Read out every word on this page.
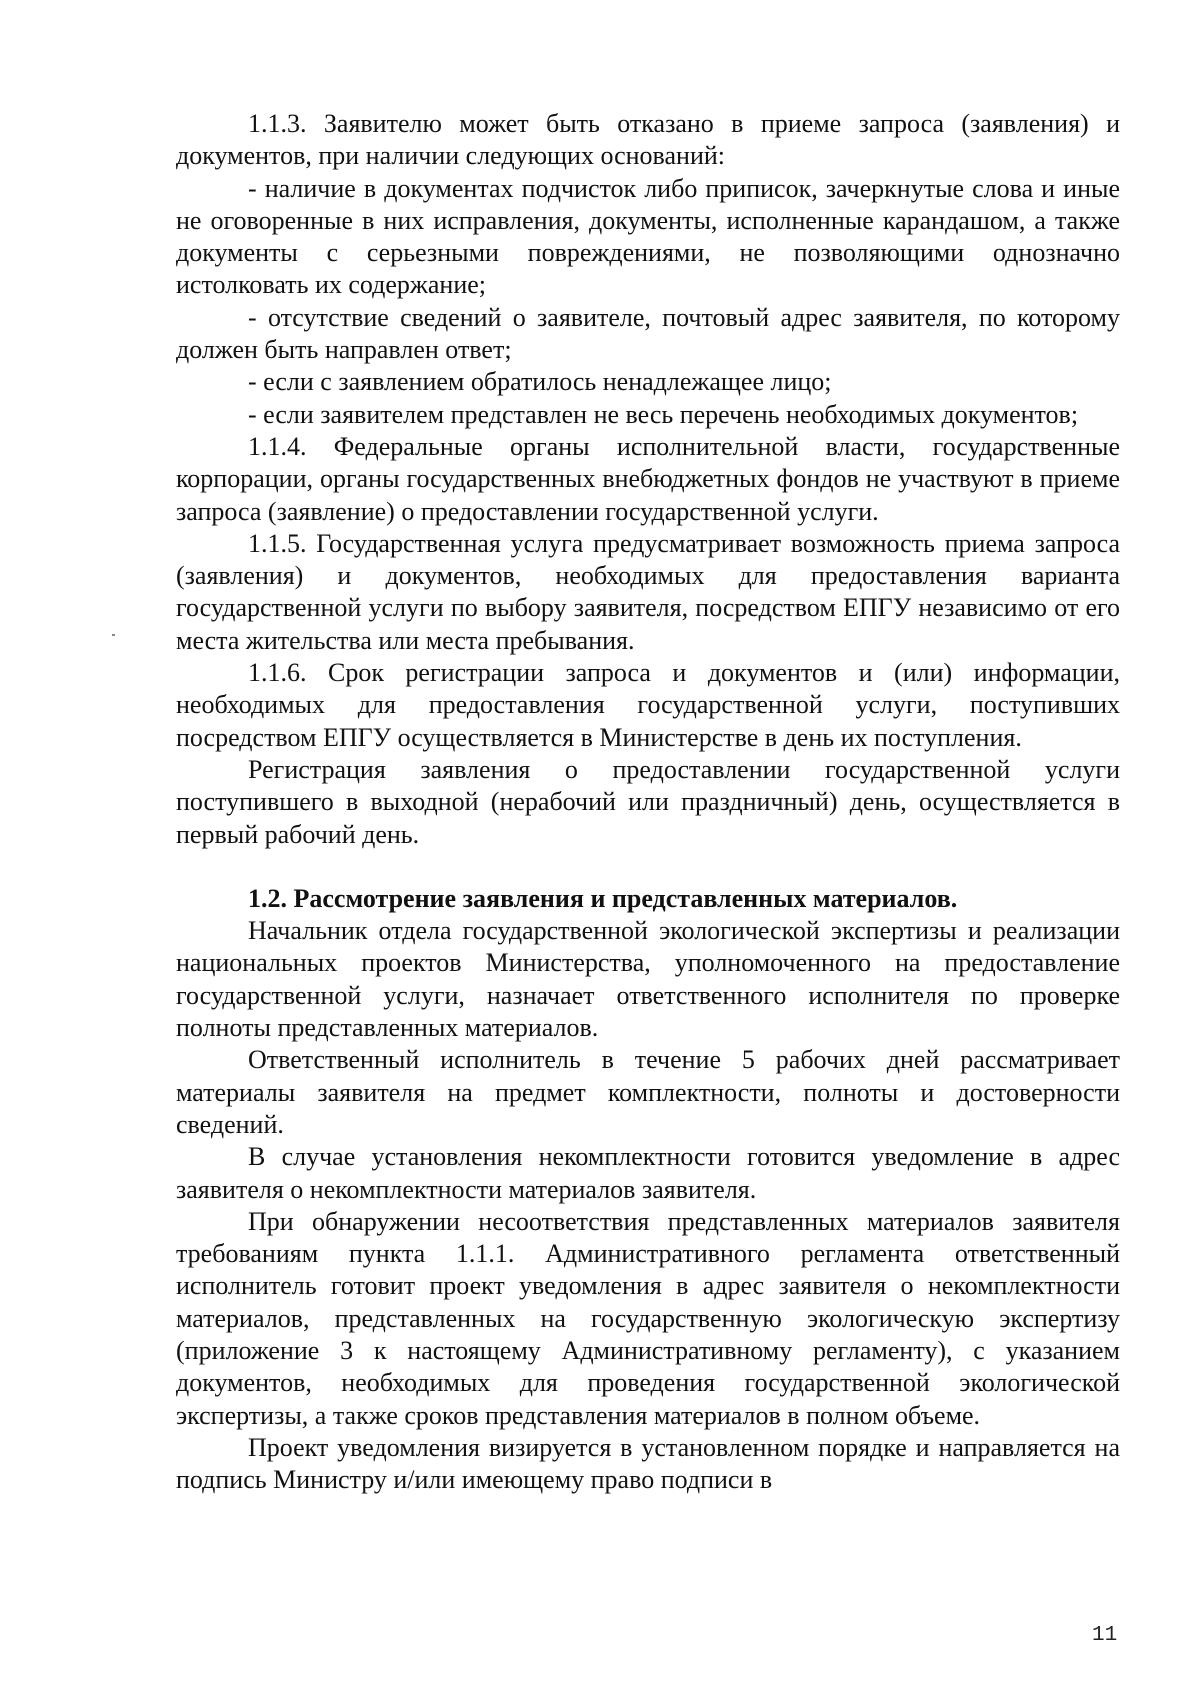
1.1.3. Заявителю может быть отказано в приеме запроса (заявления) и документов, при наличии следующих оснований:

- наличие в документах подчисток либо приписок, зачеркнутые слова и иные не оговоренные в них исправления, документы, исполненные карандашом, а также документы с серьезными повреждениями, не позволяющими однозначно истолковать их содержание;

- отсутствие сведений о заявителе, почтовый адрес заявителя, по которому должен быть направлен ответ;

- если с заявлением обратилось ненадлежащее лицо;

- если заявителем представлен не весь перечень необходимых документов;

1.1.4. Федеральные органы исполнительной власти, государственные корпорации, органы государственных внебюджетных фондов не участвуют в приеме запроса (заявление) о предоставлении государственной услуги.

1.1.5. Государственная услуга предусматривает возможность приема запроса (заявления) и документов, необходимых для предоставления варианта государственной услуги по выбору заявителя, посредством ЕПГУ независимо от его места жительства или места пребывания.

1.1.6. Срок регистрации запроса и документов и (или) информации, необходимых для предоставления государственной услуги, поступивших посредством ЕПГУ осуществляется в Министерстве в день их поступления.

Регистрация заявления о предоставлении государственной услуги поступившего в выходной (нерабочий или праздничный) день, осуществляется в первый рабочий день.

1.2. Рассмотрение заявления и представленных материалов.

Начальник отдела государственной экологической экспертизы и реализации национальных проектов Министерства, уполномоченного на предоставление государственной услуги, назначает ответственного исполнителя по проверке полноты представленных материалов.

Ответственный исполнитель в течение 5 рабочих дней рассматривает материалы заявителя на предмет комплектности, полноты и достоверности сведений.

В случае установления некомплектности готовится уведомление в адрес заявителя о некомплектности материалов заявителя.

При обнаружении несоответствия представленных материалов заявителя требованиям пункта 1.1.1. Административного регламента ответственный исполнитель готовит проект уведомления в адрес заявителя о некомплектности материалов, представленных на государственную экологическую экспертизу (приложение 3 к настоящему Административному регламенту), с указанием документов, необходимых для проведения государственной экологической экспертизы, а также сроков представления материалов в полном объеме.

Проект уведомления визируется в установленном порядке и направляется на подпись Министру и/или имеющему право подписи в

11
